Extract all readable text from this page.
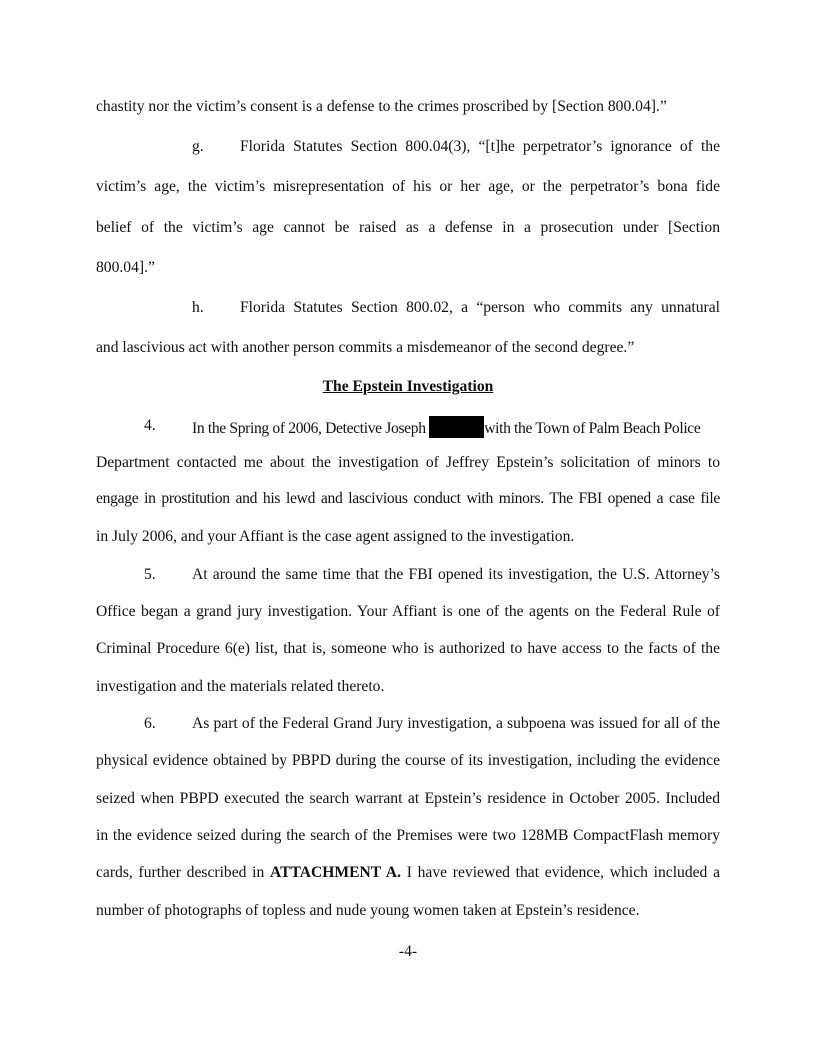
chastity nor the victim’s consent is a defense to the crimes proscribed by [Section 800.04].”
g. Florida Statutes Section 800.04(3), “[t]he perpetrator’s ignorance of the
victim’s age, the victim’s misrepresentation of his or her age, or the perpetrator’s bona fide
belief of the victim’s age cannot be raised as a defense in a prosecution under [Section
800.04].”
h. Florida Statutes Section 800.02, a “person who commits any unnatural
and lascivious act with another person commits a misdemeanor of the second degree.”
The Epstein Investigation
4. In the Spring of 2006, Detective Joseph	with the Town of Palm Beach Police
Department contacted me about the investigation of Jeffrey Epstein’s solicitation of minors to
engage in prostitution and his lewd and lascivious conduct with minors. The FBI opened a case file
in July 2006, and your Affiant is the case agent assigned to the investigation.
5. At around the same time that the FBI opened its investigation, the U.S. Attorney’s
Office began a grand jury investigation. Your Affiant is one of the agents on the Federal Rule of
Criminal Procedure 6(e) list, that is, someone who is authorized to have access to the facts of the
investigation and the materials related thereto.
6. As part of the Federal Grand Jury investigation, a subpoena was issued for all of the
physical evidence obtained by PBPD during the course of its investigation, including the evidence
seized when PBPD executed the search warrant at Epstein’s residence in October 2005. Included
in the evidence seized during the search of the Premises were two 128MB CompactFlash memory
cards, further described in ATTACHMENT A. I have reviewed that evidence, which included a
number of photographs of topless and nude young women taken at Epstein’s residence.
-4-
